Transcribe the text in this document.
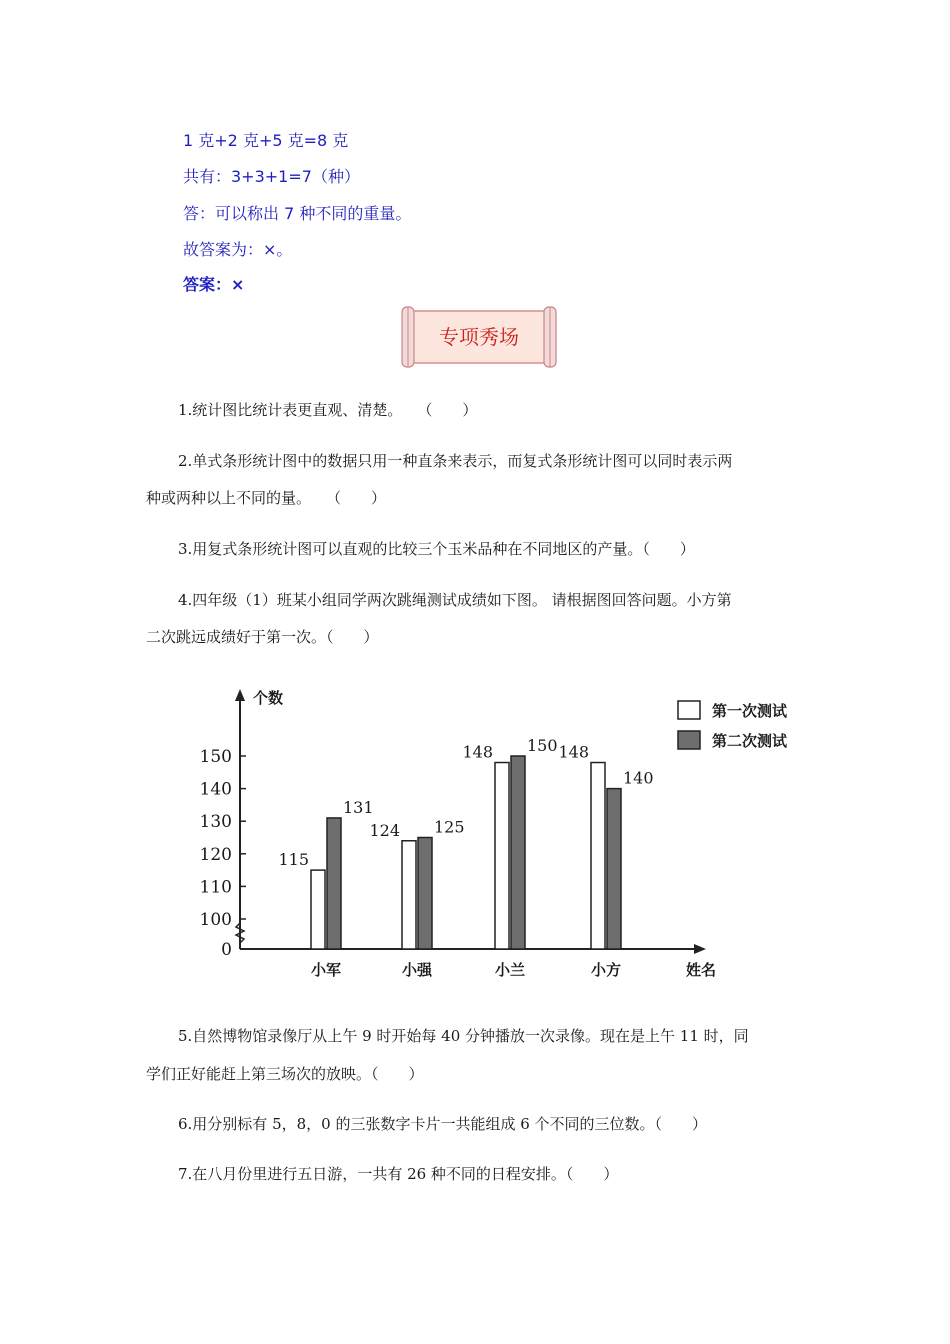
1 克+2 克+5 克=8 克
共有：3+3+1=7（种）
答：可以称出 7 种不同的重量。
故答案为：×。
答案：×
专项秀场
1.统计图比统计表更直观、清楚。　　（　　）
2.单式条形统计图中的数据只用一种直条来表示，而复式条形统计图可以同时表示两
种或两种以上不同的量。　　（　　）
3.用复式条形统计图可以直观的比较三个玉米品种在不同地区的产量。（　　）
4.四年级（1）班某小组同学两次跳绳测试成绩如下图。 请根据图回答问题。小方第
二次跳远成绩好于第一次。（　　）
0
100
110
120
130
140
150
个数
姓名
115
131
小军
124 125
小强
148 150
小兰
148
140
小方
第一次测试
第二次测试
5.自然博物馆录像厅从上午 9 时开始每 40 分钟播放一次录像。现在是上午 11 时，同
学们正好能赶上第三场次的放映。（　　）
6.用分别标有 5，8，0 的三张数字卡片一共能组成 6 个不同的三位数。（　　）
7.在八月份里进行五日游，一共有 26 种不同的日程安排。（　　）
